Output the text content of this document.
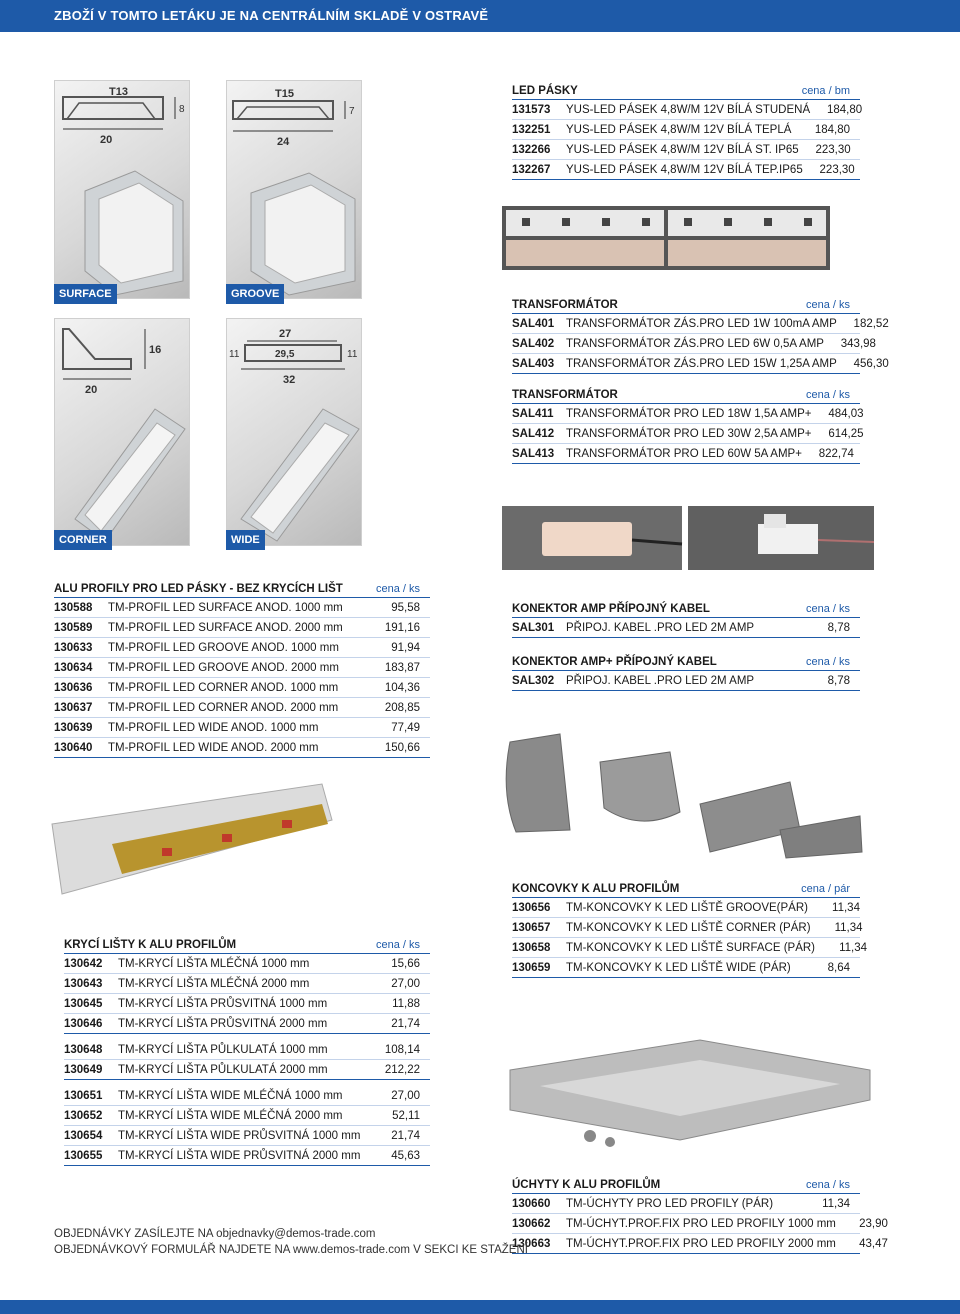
ZBOŽÍ V TOMTO LETÁKU JE NA CENTRÁLNÍM SKLADĚ V OSTRAVĚ
20
T13
8
SURFACE
24
T15
7
GROOVE
16
20
CORNER
27
29,5
32
11	11
WIDE
LED PÁSKY	cena / bm
131573	YUS-LED PÁSEK 4,8W/M 12V BÍLÁ STUDENÁ	184,80
132251	YUS-LED PÁSEK 4,8W/M 12V BÍLÁ TEPLÁ	184,80
132266	YUS-LED PÁSEK 4,8W/M 12V BÍLÁ ST. IP65	223,30
132267	YUS-LED PÁSEK 4,8W/M 12V BÍLÁ TEP.IP65	223,30
TRANSFORMÁTOR	cena / ks
SAL401	TRANSFORMÁTOR ZÁS.PRO LED 1W 100mA AMP	182,52
SAL402	TRANSFORMÁTOR ZÁS.PRO LED 6W 0,5A AMP	343,98
SAL403	TRANSFORMÁTOR ZÁS.PRO LED 15W 1,25A AMP	456,30
TRANSFORMÁTOR	cena / ks
SAL411	TRANSFORMÁTOR PRO LED 18W 1,5A AMP+	484,03
SAL412	TRANSFORMÁTOR PRO LED 30W 2,5A AMP+	614,25
SAL413	TRANSFORMÁTOR PRO LED 60W 5A AMP+	822,74
ALU PROFILY PRO LED PÁSKY - BEZ KRYCÍCH LIŠT	cena / ks
130588	TM-PROFIL LED SURFACE ANOD. 1000 mm	95,58
130589	TM-PROFIL LED SURFACE ANOD. 2000 mm	191,16
130633	TM-PROFIL LED GROOVE ANOD. 1000 mm	91,94
130634	TM-PROFIL LED GROOVE ANOD. 2000 mm	183,87
130636	TM-PROFIL LED CORNER ANOD. 1000 mm	104,36
130637	TM-PROFIL LED CORNER ANOD. 2000 mm	208,85
130639	TM-PROFIL LED WIDE ANOD. 1000 mm	77,49
130640	TM-PROFIL LED WIDE ANOD. 2000 mm	150,66
KONEKTOR AMP PŘÍPOJNÝ KABEL	cena / ks
SAL301	PŘIPOJ. KABEL .PRO LED 2M AMP	8,78
KONEKTOR AMP+ PŘÍPOJNÝ KABEL	cena / ks
SAL302	PŘIPOJ. KABEL .PRO LED 2M AMP	8,78
KONCOVKY K ALU PROFILŮM	cena / pár
130656	TM-KONCOVKY K LED LIŠTĚ GROOVE(PÁR)	11,34
130657	TM-KONCOVKY K LED LIŠTĚ CORNER (PÁR)	11,34
130658	TM-KONCOVKY K LED LIŠTĚ SURFACE (PÁR)	11,34
130659	TM-KONCOVKY K LED LIŠTĚ WIDE (PÁR)	8,64
KRYCÍ LIŠTY K ALU PROFILŮM	cena / ks
130642	TM-KRYCÍ LIŠTA MLÉČNÁ 1000 mm	15,66
130643	TM-KRYCÍ LIŠTA MLÉČNÁ 2000 mm	27,00
130645	TM-KRYCÍ LIŠTA PRŮSVITNÁ 1000 mm	11,88
130646	TM-KRYCÍ LIŠTA PRŮSVITNÁ 2000 mm	21,74
130648	TM-KRYCÍ LIŠTA PŮLKULATÁ 1000 mm	108,14
130649	TM-KRYCÍ LIŠTA PŮLKULATÁ 2000 mm	212,22
130651	TM-KRYCÍ LIŠTA WIDE MLÉČNÁ 1000 mm	27,00
130652	TM-KRYCÍ LIŠTA WIDE MLÉČNÁ 2000 mm	52,11
130654	TM-KRYCÍ LIŠTA WIDE PRŮSVITNÁ 1000 mm	21,74
130655	TM-KRYCÍ LIŠTA WIDE PRŮSVITNÁ 2000 mm	45,63
ÚCHYTY K ALU PROFILŮM	cena / ks
130660	TM-ÚCHYTY PRO LED PROFILY (PÁR)	11,34
130662	TM-ÚCHYT.PROF.FIX PRO LED PROFILY 1000 mm	23,90
130663	TM-ÚCHYT.PROF.FIX PRO LED PROFILY 2000 mm	43,47
OBJEDNÁVKY ZASÍLEJTE NA objednavky@demos-trade.com
OBJEDNÁVKOVÝ FORMULÁŘ NAJDETE NA www.demos-trade.com V SEKCI KE STAŽENÍ
